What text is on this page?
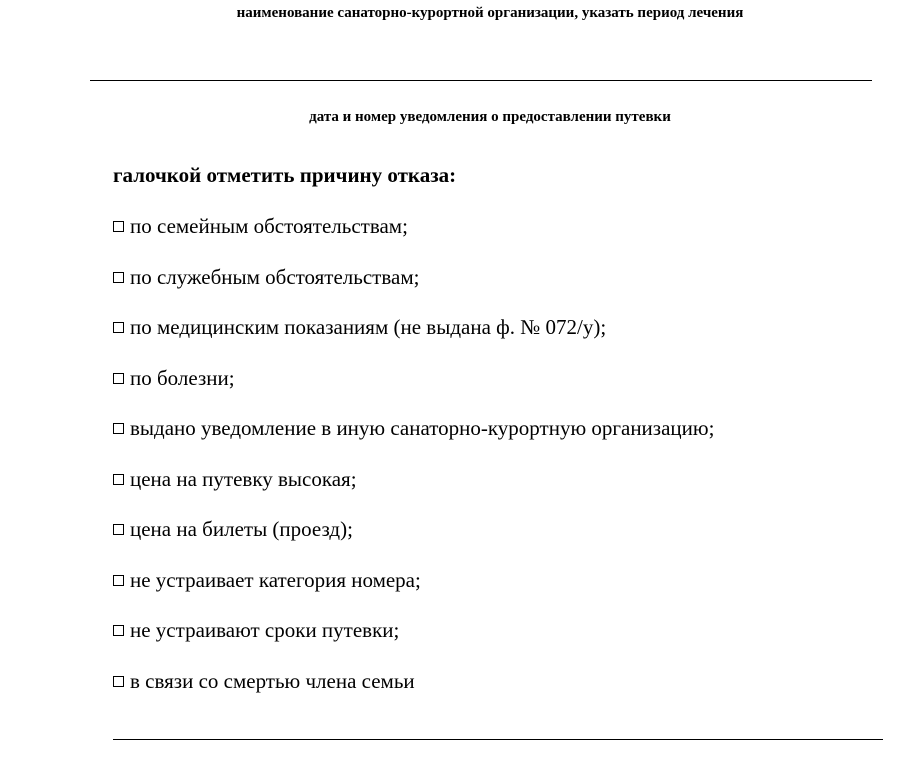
наименование санаторно-курортной организации, указать период лечения
дата и номер уведомления о предоставлении путевки
галочкой отметить причину отказа:
по семейным обстоятельствам;
по служебным обстоятельствам;
по медицинским показаниям (не выдана ф. № 072/у);
по болезни;
выдано уведомление в иную санаторно-курортную организацию;
цена на путевку высокая;
цена на билеты (проезд);
не устраивает категория номера;
не устраивают сроки путевки;
в связи со смертью члена семьи
